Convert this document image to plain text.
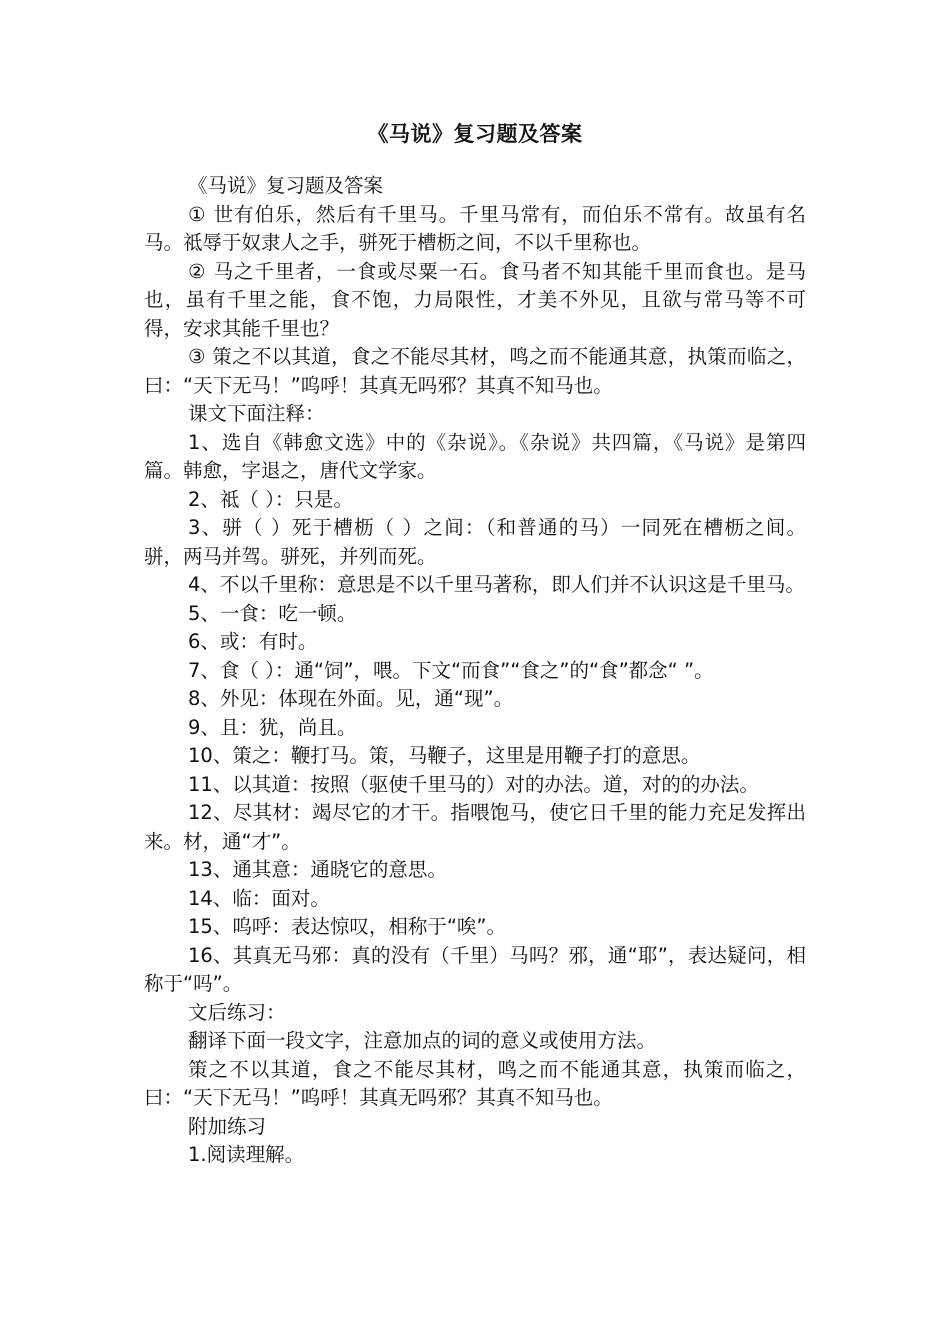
《马说》复习题及答案

《马说》复习题及答案

① 世有伯乐，然后有千里马。千里马常有，而伯乐不常有。故虽有名马。祗辱于奴隶人之手，骈死于槽枥之间，不以千里称也。

② 马之千里者，一食或尽粟一石。食马者不知其能千里而食也。是马也，虽有千里之能，食不饱，力局限性，才美不外见，且欲与常马等不可得，安求其能千里也？

③ 策之不以其道，食之不能尽其材，鸣之而不能通其意，执策而临之，曰：“天下无马！”呜呼！其真无吗邪？其真不知马也。

课文下面注释：

1、选自《韩愈文选》中的《杂说》。《杂说》共四篇，《马说》是第四篇。韩愈，字退之，唐代文学家。

2、祗（ ）：只是。

3、骈（ ）死于槽枥（ ）之间：（和普通的马）一同死在槽枥之间。骈，两马并驾。骈死，并列而死。

4、不以千里称：意思是不以千里马著称，即人们并不认识这是千里马。

5、一食：吃一顿。

6、或：有时。

7、食（ ）：通“饲”，喂。下文“而食”“食之”的“食”都念“ ”。

8、外见：体现在外面。见，通“现”。

9、且：犹，尚且。

10、策之：鞭打马。策，马鞭子，这里是用鞭子打的意思。

11、以其道：按照（驱使千里马的）对的办法。道，对的的办法。

12、尽其材：竭尽它的才干。指喂饱马，使它日千里的能力充足发挥出来。材，通“才”。

13、通其意：通晓它的意思。

14、临：面对。

15、呜呼：表达惊叹，相称于“唉”。

16、其真无马邪：真的没有（千里）马吗？邪，通“耶”，表达疑问，相称于“吗”。

文后练习：

翻译下面一段文字，注意加点的词的意义或使用方法。

策之不以其道，食之不能尽其材，鸣之而不能通其意，执策而临之，曰：“天下无马！”呜呼！其真无吗邪？其真不知马也。

附加练习

1.阅读理解。
